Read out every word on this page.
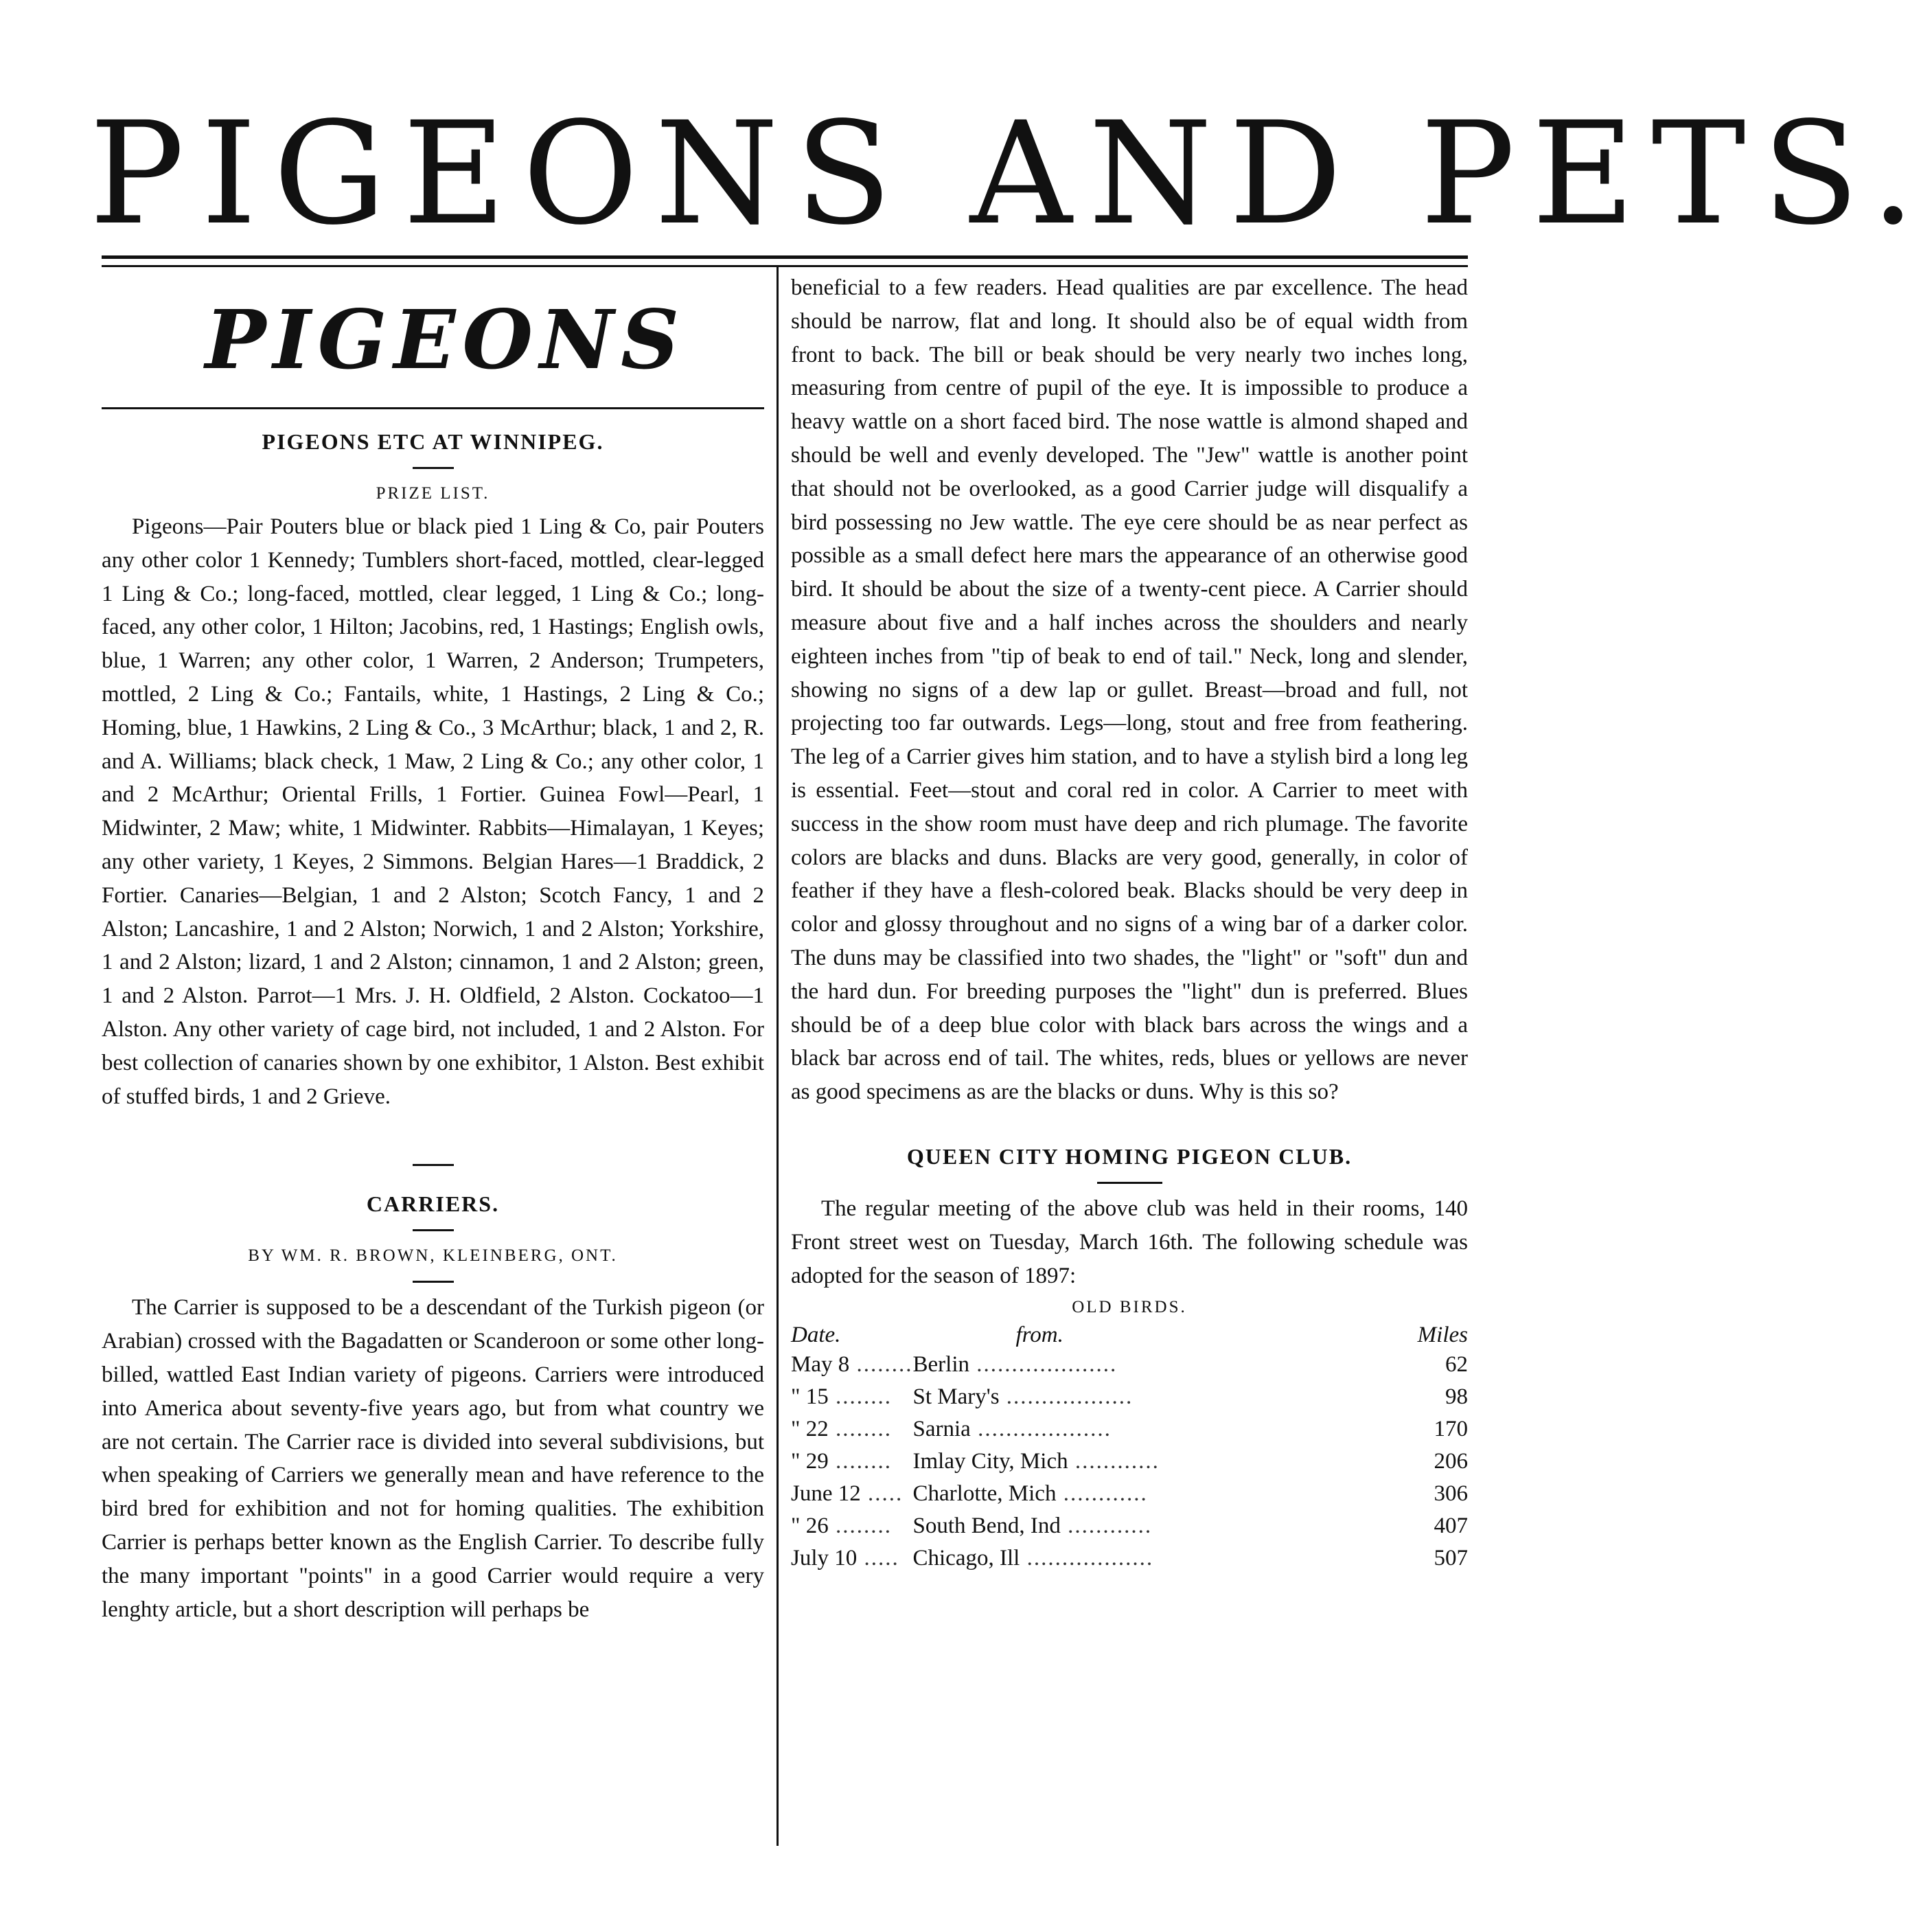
PIGEONS AND PETS.
PIGEONS
PIGEONS ETC AT WINNIPEG.
PRIZE LIST.

Pigeons—Pair Pouters blue or black pied 1 Ling & Co, pair Pouters any other color 1 Kennedy; Tumblers short-faced, mottled, clear-legged 1 Ling & Co.; long-faced, mottled, clear legged, 1 Ling & Co.; long-faced, any other color, 1 Hilton; Jacobins, red, 1 Hastings; English owls, blue, 1 Warren; any other color, 1 Warren, 2 Anderson; Trumpeters, mottled, 2 Ling & Co.; Fantails, white, 1 Hastings, 2 Ling & Co.; Homing, blue, 1 Hawkins, 2 Ling & Co., 3 McArthur; black, 1 and 2, R. and A. Williams; black check, 1 Maw, 2 Ling & Co.; any other color, 1 and 2 McArthur; Oriental Frills, 1 Fortier. Guinea Fowl—Pearl, 1 Midwinter, 2 Maw; white, 1 Midwinter. Rabbits—Himalayan, 1 Keyes; any other variety, 1 Keyes, 2 Simmons. Belgian Hares—1 Braddick, 2 Fortier. Canaries—Belgian, 1 and 2 Alston; Scotch Fancy, 1 and 2 Alston; Lancashire, 1 and 2 Alston; Norwich, 1 and 2 Alston; Yorkshire, 1 and 2 Alston; lizard, 1 and 2 Alston; cinnamon, 1 and 2 Alston; green, 1 and 2 Alston. Parrot—1 Mrs. J. H. Oldfield, 2 Alston. Cockatoo—1 Alston. Any other variety of cage bird, not included, 1 and 2 Alston. For best collection of canaries shown by one exhibitor, 1 Alston. Best exhibit of stuffed birds, 1 and 2 Grieve.

CARRIERS.
BY WM. R. BROWN, KLEINBERG, ONT.

The Carrier is supposed to be a descendant of the Turkish pigeon (or Arabian) crossed with the Bagadatten or Scanderoon or some other long-billed, wattled East Indian variety of pigeons. Carriers were introduced into America about seventy-five years ago, but from what country we are not certain. The Carrier race is divided into several subdivisions, but when speaking of Carriers we generally mean and have reference to the bird bred for exhibition and not for homing qualities. The exhibition Carrier is perhaps better known as the English Carrier. To describe fully the many important "points" in a good Carrier would require a very lenghty article, but a short description will perhaps be

beneficial to a few readers. Head qualities are par excellence. The head should be narrow, flat and long. It should also be of equal width from front to back. The bill or beak should be very nearly two inches long, measuring from centre of pupil of the eye. It is impossible to produce a heavy wattle on a short faced bird. The nose wattle is almond shaped and should be well and evenly developed. The "Jew" wattle is another point that should not be overlooked, as a good Carrier judge will disqualify a bird possessing no Jew wattle. The eye cere should be as near perfect as possible as a small defect here mars the appearance of an otherwise good bird. It should be about the size of a twenty-cent piece. A Carrier should measure about five and a half inches across the shoulders and nearly eighteen inches from "tip of beak to end of tail." Neck, long and slender, showing no signs of a dew lap or gullet. Breast—broad and full, not projecting too far outwards. Legs—long, stout and free from feathering. The leg of a Carrier gives him station, and to have a stylish bird a long leg is essential. Feet—stout and coral red in color. A Carrier to meet with success in the show room must have deep and rich plumage. The favorite colors are blacks and duns. Blacks are very good, generally, in color of feather if they have a flesh-colored beak. Blacks should be very deep in color and glossy throughout and no signs of a wing bar of a darker color. The duns may be classified into two shades, the "light" or "soft" dun and the hard dun. For breeding purposes the "light" dun is preferred. Blues should be of a deep blue color with black bars across the wings and a black bar across end of tail. The whites, reds, blues or yellows are never as good specimens as are the blacks or duns. Why is this so?

QUEEN CITY HOMING PIGEON CLUB.

The regular meeting of the above club was held in their rooms, 140 Front street west on Tuesday, March 16th. The following schedule was adopted for the season of 1897:

OLD BIRDS.
Date.	from.	Miles
May 8 ........	Berlin ....................	62
" 15 ........	St Mary's ..................	98
" 22 ........	Sarnia ...................	170
" 29 ........	Imlay City, Mich ............	206
June 12 .....	Charlotte, Mich ............	306
" 26 ........	South Bend, Ind ............	407
July 10 .....	Chicago, Ill ..................	507
